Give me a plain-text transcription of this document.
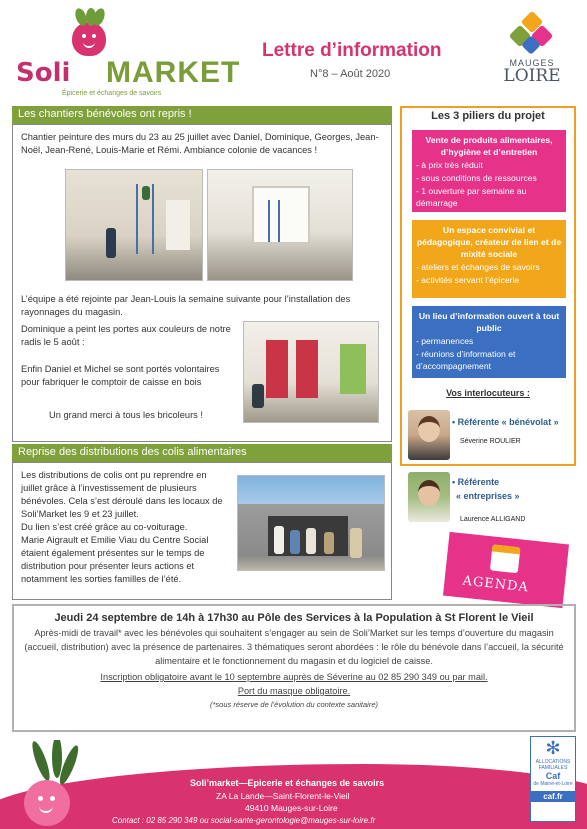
Soli MARKET
Épicerie et échanges de savoirs
Lettre d’information
N°8 – Août 2020
MAUGES
LOIRE
Les chantiers bénévoles ont repris !
Chantier peinture des murs du 23 au 25 juillet avec Daniel, Dominique, Georges, Jean-Noël, Jean-René, Louis-Marie et Rémi. Ambiance colonie de vacances !
L’équipe a été rejointe par Jean-Louis la semaine suivante pour l’installation des rayonnages du magasin.
Dominique a peint les portes aux couleurs de notre radis le 5 août :
Enfin Daniel et Michel se sont portés volontaires pour fabriquer le comptoir de caisse en bois
Un grand merci à tous les bricoleurs !
Reprise des distributions des colis alimentaires
Les distributions de colis ont pu reprendre en juillet grâce à l’investissement de plusieurs bénévoles. Cela s’est déroulé dans les locaux de Soli’Market les 9 et 23 juillet.
Du lien s’est créé grâce au co-voiturage.
Marie Aigrault et Emilie Viau du Centre Social étaient également présentes sur le temps de distribution pour présenter leurs actions et notamment les sorties familles de l’été.
Les 3 piliers du projet
Vente de produits alimentaires, d’hygiène et d’entretien
- à prix très réduit
- sous conditions de ressources
- 1 ouverture par semaine au démarrage
Un espace convivial et pédagogique, créateur de lien et de mixité sociale
- ateliers et échanges de savoirs
- activités servant l’épicerie
Un lieu d’information ouvert à tout public
- permanences
- réunions d’information et d’accompagnement
Vos interlocuteurs :
• Référente « bénévolat »
Séverine ROULIER
• Référente
« entreprises »
Laurence ALLIGAND
AGENDA
Jeudi 24 septembre de 14h à 17h30 au Pôle des Services à la Population à St Florent le Vieil
Après-midi de travail* avec les bénévoles qui souhaitent s’engager au sein de Soli’Market sur les temps d’ouverture du magasin (accueil, distribution) avec la présence de partenaires. 3 thématiques seront abordées : le rôle du bénévole dans l’accueil, la sécurité alimentaire et le fonctionnement du magasin et du logiciel de caisse.
Inscription obligatoire avant le 10 septembre auprès de Séverine au 02 85 290 349 ou par mail.
Port du masque obligatoire.
(*sous réserve de l’évolution du contexte sanitaire)
Soli’market—Epicerie et échanges de savoirs
ZA La Lande—Saint-Florent-le-Vieil
49410 Mauges-sur-Loire
Contact : 02 85 290 349 ou social-sante-gerontologie@mauges-sur-loire.fr
✻
ALLOCATIONS FAMILIALES
Caf
de Maine-et-Loire
caf.fr
